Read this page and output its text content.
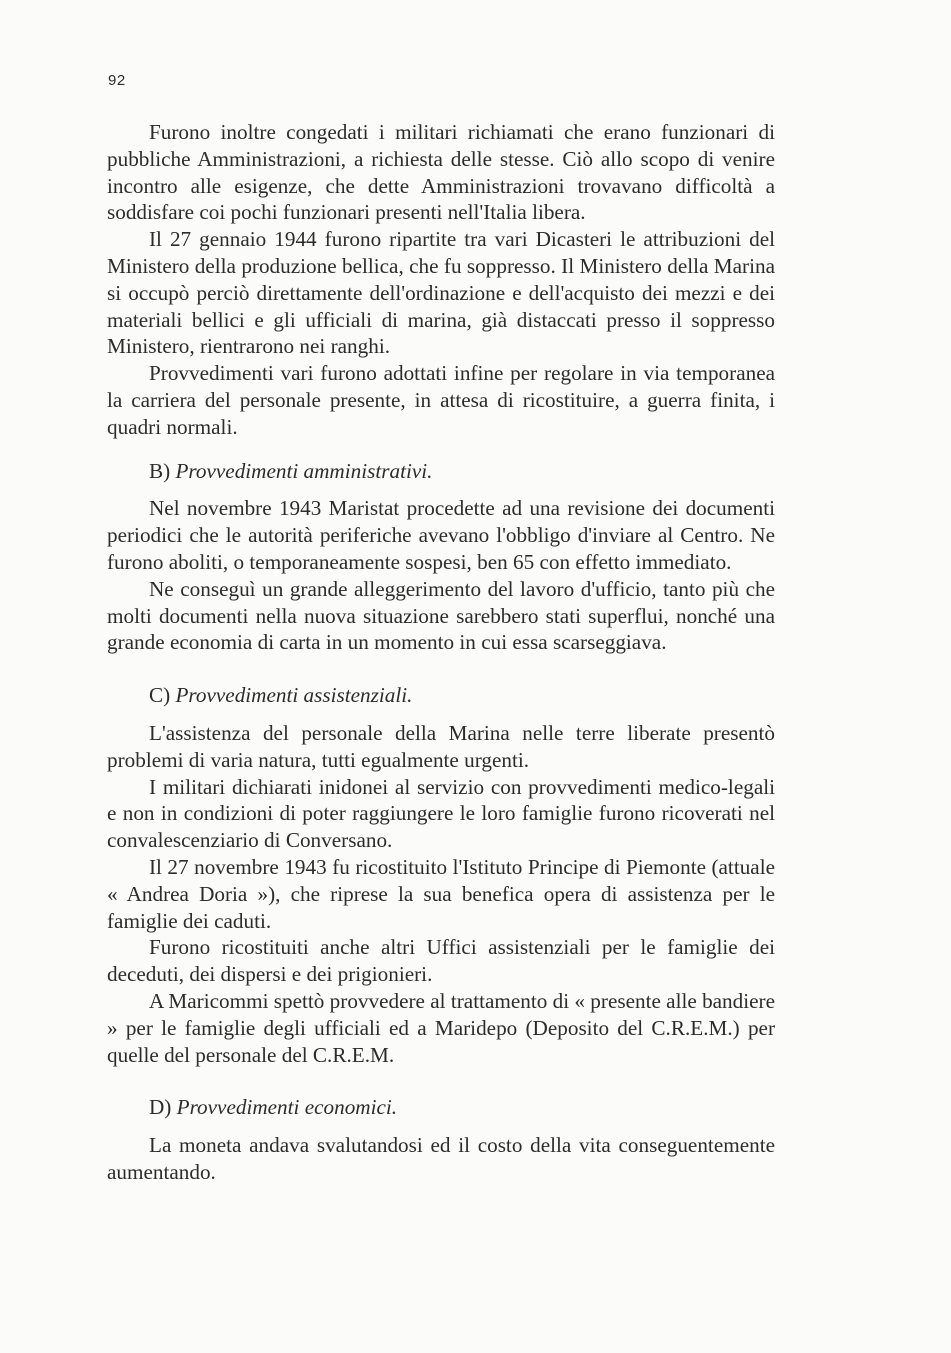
92

Furono inoltre congedati i militari richiamati che erano funzionari di pubbliche Amministrazioni, a richiesta delle stesse. Ciò allo scopo di venire incontro alle esigenze, che dette Amministrazioni trovavano difficoltà a soddisfare coi pochi funzionari presenti nell'Italia libera.

Il 27 gennaio 1944 furono ripartite tra vari Dicasteri le attribuzioni del Ministero della produzione bellica, che fu soppresso. Il Ministero della Marina si occupò perciò direttamente dell'ordinazione e dell'acquisto dei mezzi e dei materiali bellici e gli ufficiali di marina, già distaccati presso il soppresso Ministero, rientrarono nei ranghi.

Provvedimenti vari furono adottati infine per regolare in via temporanea la carriera del personale presente, in attesa di ricostituire, a guerra finita, i quadri normali.

B) Provvedimenti amministrativi.

Nel novembre 1943 Maristat procedette ad una revisione dei documenti periodici che le autorità periferiche avevano l'obbligo d'inviare al Centro. Ne furono aboliti, o temporaneamente sospesi, ben 65 con effetto immediato.

Ne conseguì un grande alleggerimento del lavoro d'ufficio, tanto più che molti documenti nella nuova situazione sarebbero stati superflui, nonché una grande economia di carta in un momento in cui essa scarseggiava.

C) Provvedimenti assistenziali.

L'assistenza del personale della Marina nelle terre liberate presentò problemi di varia natura, tutti egualmente urgenti.

I militari dichiarati inidonei al servizio con provvedimenti medico-legali e non in condizioni di poter raggiungere le loro famiglie furono ricoverati nel convalescenziario di Conversano.

Il 27 novembre 1943 fu ricostituito l'Istituto Principe di Piemonte (attuale « Andrea Doria »), che riprese la sua benefica opera di assistenza per le famiglie dei caduti.

Furono ricostituiti anche altri Uffici assistenziali per le famiglie dei deceduti, dei dispersi e dei prigionieri.

A Maricommi spettò provvedere al trattamento di « presente alle bandiere » per le famiglie degli ufficiali ed a Maridepo (Deposito del C.R.E.M.) per quelle del personale del C.R.E.M.

D) Provvedimenti economici.

La moneta andava svalutandosi ed il costo della vita conseguentemente aumentando.
